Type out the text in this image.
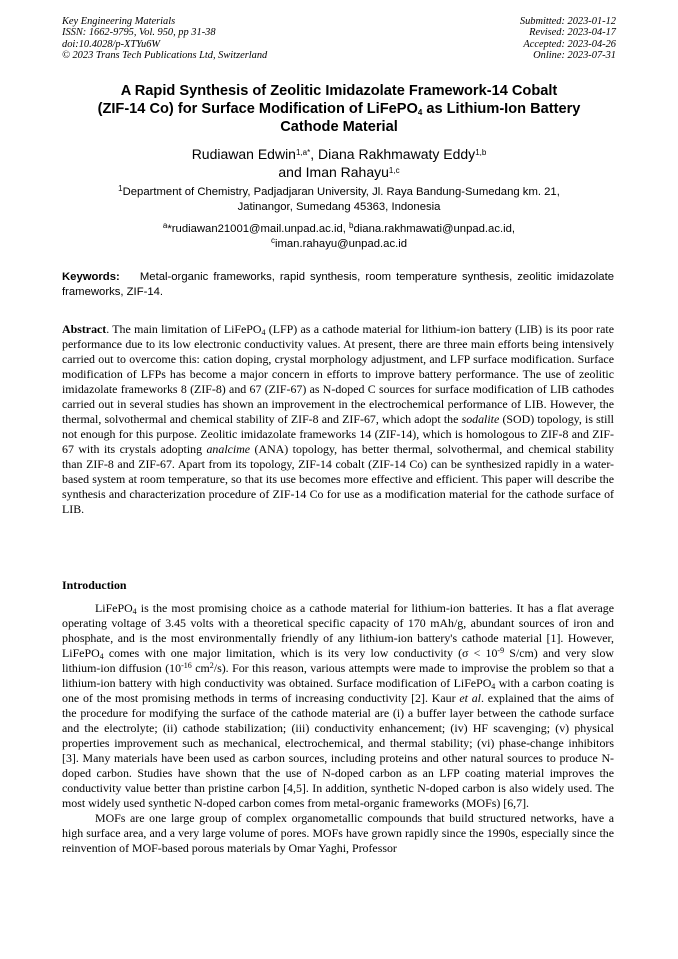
Key Engineering Materials
ISSN: 1662-9795, Vol. 950, pp 31-38
doi:10.4028/p-XTYu6W
© 2023 Trans Tech Publications Ltd, Switzerland
Submitted: 2023-01-12
Revised: 2023-04-17
Accepted: 2023-04-26
Online: 2023-07-31
A Rapid Synthesis of Zeolitic Imidazolate Framework-14 Cobalt
(ZIF-14 Co) for Surface Modification of LiFePO$_4$ as Lithium-Ion Battery
Cathode Material
Rudiawan Edwin$^{1,a*}$, Diana Rakhmawaty Eddy$^{1,b}$
and Iman Rahayu$^{1,c}$
$^1$Department of Chemistry, Padjadjaran University, Jl. Raya Bandung-Sumedang km. 21,
Jatinangor, Sumedang 45363, Indonesia
$^a$*rudiawan21001@mail.unpad.ac.id, $^b$diana.rakhmawati@unpad.ac.id,
$^c$iman.rahayu@unpad.ac.id
Keywords: Metal-organic frameworks, rapid synthesis, room temperature synthesis, zeolitic imidazolate frameworks, ZIF-14.
Abstract. The main limitation of LiFePO$_4$ (LFP) as a cathode material for lithium-ion battery (LIB) is its poor rate performance due to its low electronic conductivity values. At present, there are three main efforts being intensively carried out to overcome this: cation doping, crystal morphology adjustment, and LFP surface modification. Surface modification of LFPs has become a major concern in efforts to improve battery performance. The use of zeolitic imidazolate frameworks 8 (ZIF-8) and 67 (ZIF-67) as N-doped C sources for surface modification of LIB cathodes carried out in several studies has shown an improvement in the electrochemical performance of LIB. However, the thermal, solvothermal and chemical stability of ZIF-8 and ZIF-67, which adopt the sodalite (SOD) topology, is still not enough for this purpose. Zeolitic imidazolate frameworks 14 (ZIF-14), which is homologous to ZIF-8 and ZIF-67 with its crystals adopting analcime (ANA) topology, has better thermal, solvothermal, and chemical stability than ZIF-8 and ZIF-67. Apart from its topology, ZIF-14 cobalt (ZIF-14 Co) can be synthesized rapidly in a water-based system at room temperature, so that its use becomes more effective and efficient. This paper will describe the synthesis and characterization procedure of ZIF-14 Co for use as a modification material for the cathode surface of LIB.
Introduction

LiFePO$_4$ is the most promising choice as a cathode material for lithium-ion batteries. It has a flat average operating voltage of 3.45 volts with a theoretical specific capacity of 170 mAh/g, abundant sources of iron and phosphate, and is the most environmentally friendly of any lithium-ion battery's cathode material [1]. However, LiFePO$_4$ comes with one major limitation, which is its very low conductivity ($\sigma < 10^{-9}$ S/cm) and very slow lithium-ion diffusion ($10^{-16}$ $cm^2/s$). For this reason, various attempts were made to improvise the problem so that a lithium-ion battery with high conductivity was obtained. Surface modification of LiFePO$_4$ with a carbon coating is one of the most promising methods in terms of increasing conductivity [2]. Kaur et al. explained that the aims of the procedure for modifying the surface of the cathode material are (i) a buffer layer between the cathode surface and the electrolyte; (ii) cathode stabilization; (iii) conductivity enhancement; (iv) HF scavenging; (v) physical properties improvement such as mechanical, electrochemical, and thermal stability; (vi) phase-change inhibitors [3]. Many materials have been used as carbon sources, including proteins and other natural sources to produce N-doped carbon. Studies have shown that the use of N-doped carbon as an LFP coating material improves the conductivity value better than pristine carbon [4,5]. In addition, synthetic N-doped carbon is also widely used. The most widely used synthetic N-doped carbon comes from metal-organic frameworks (MOFs) [6,7].

MOFs are one large group of complex organometallic compounds that build structured networks, have a high surface area, and a very large volume of pores. MOFs have grown rapidly since the 1990s, especially since the reinvention of MOF-based porous materials by Omar Yaghi, Professor
